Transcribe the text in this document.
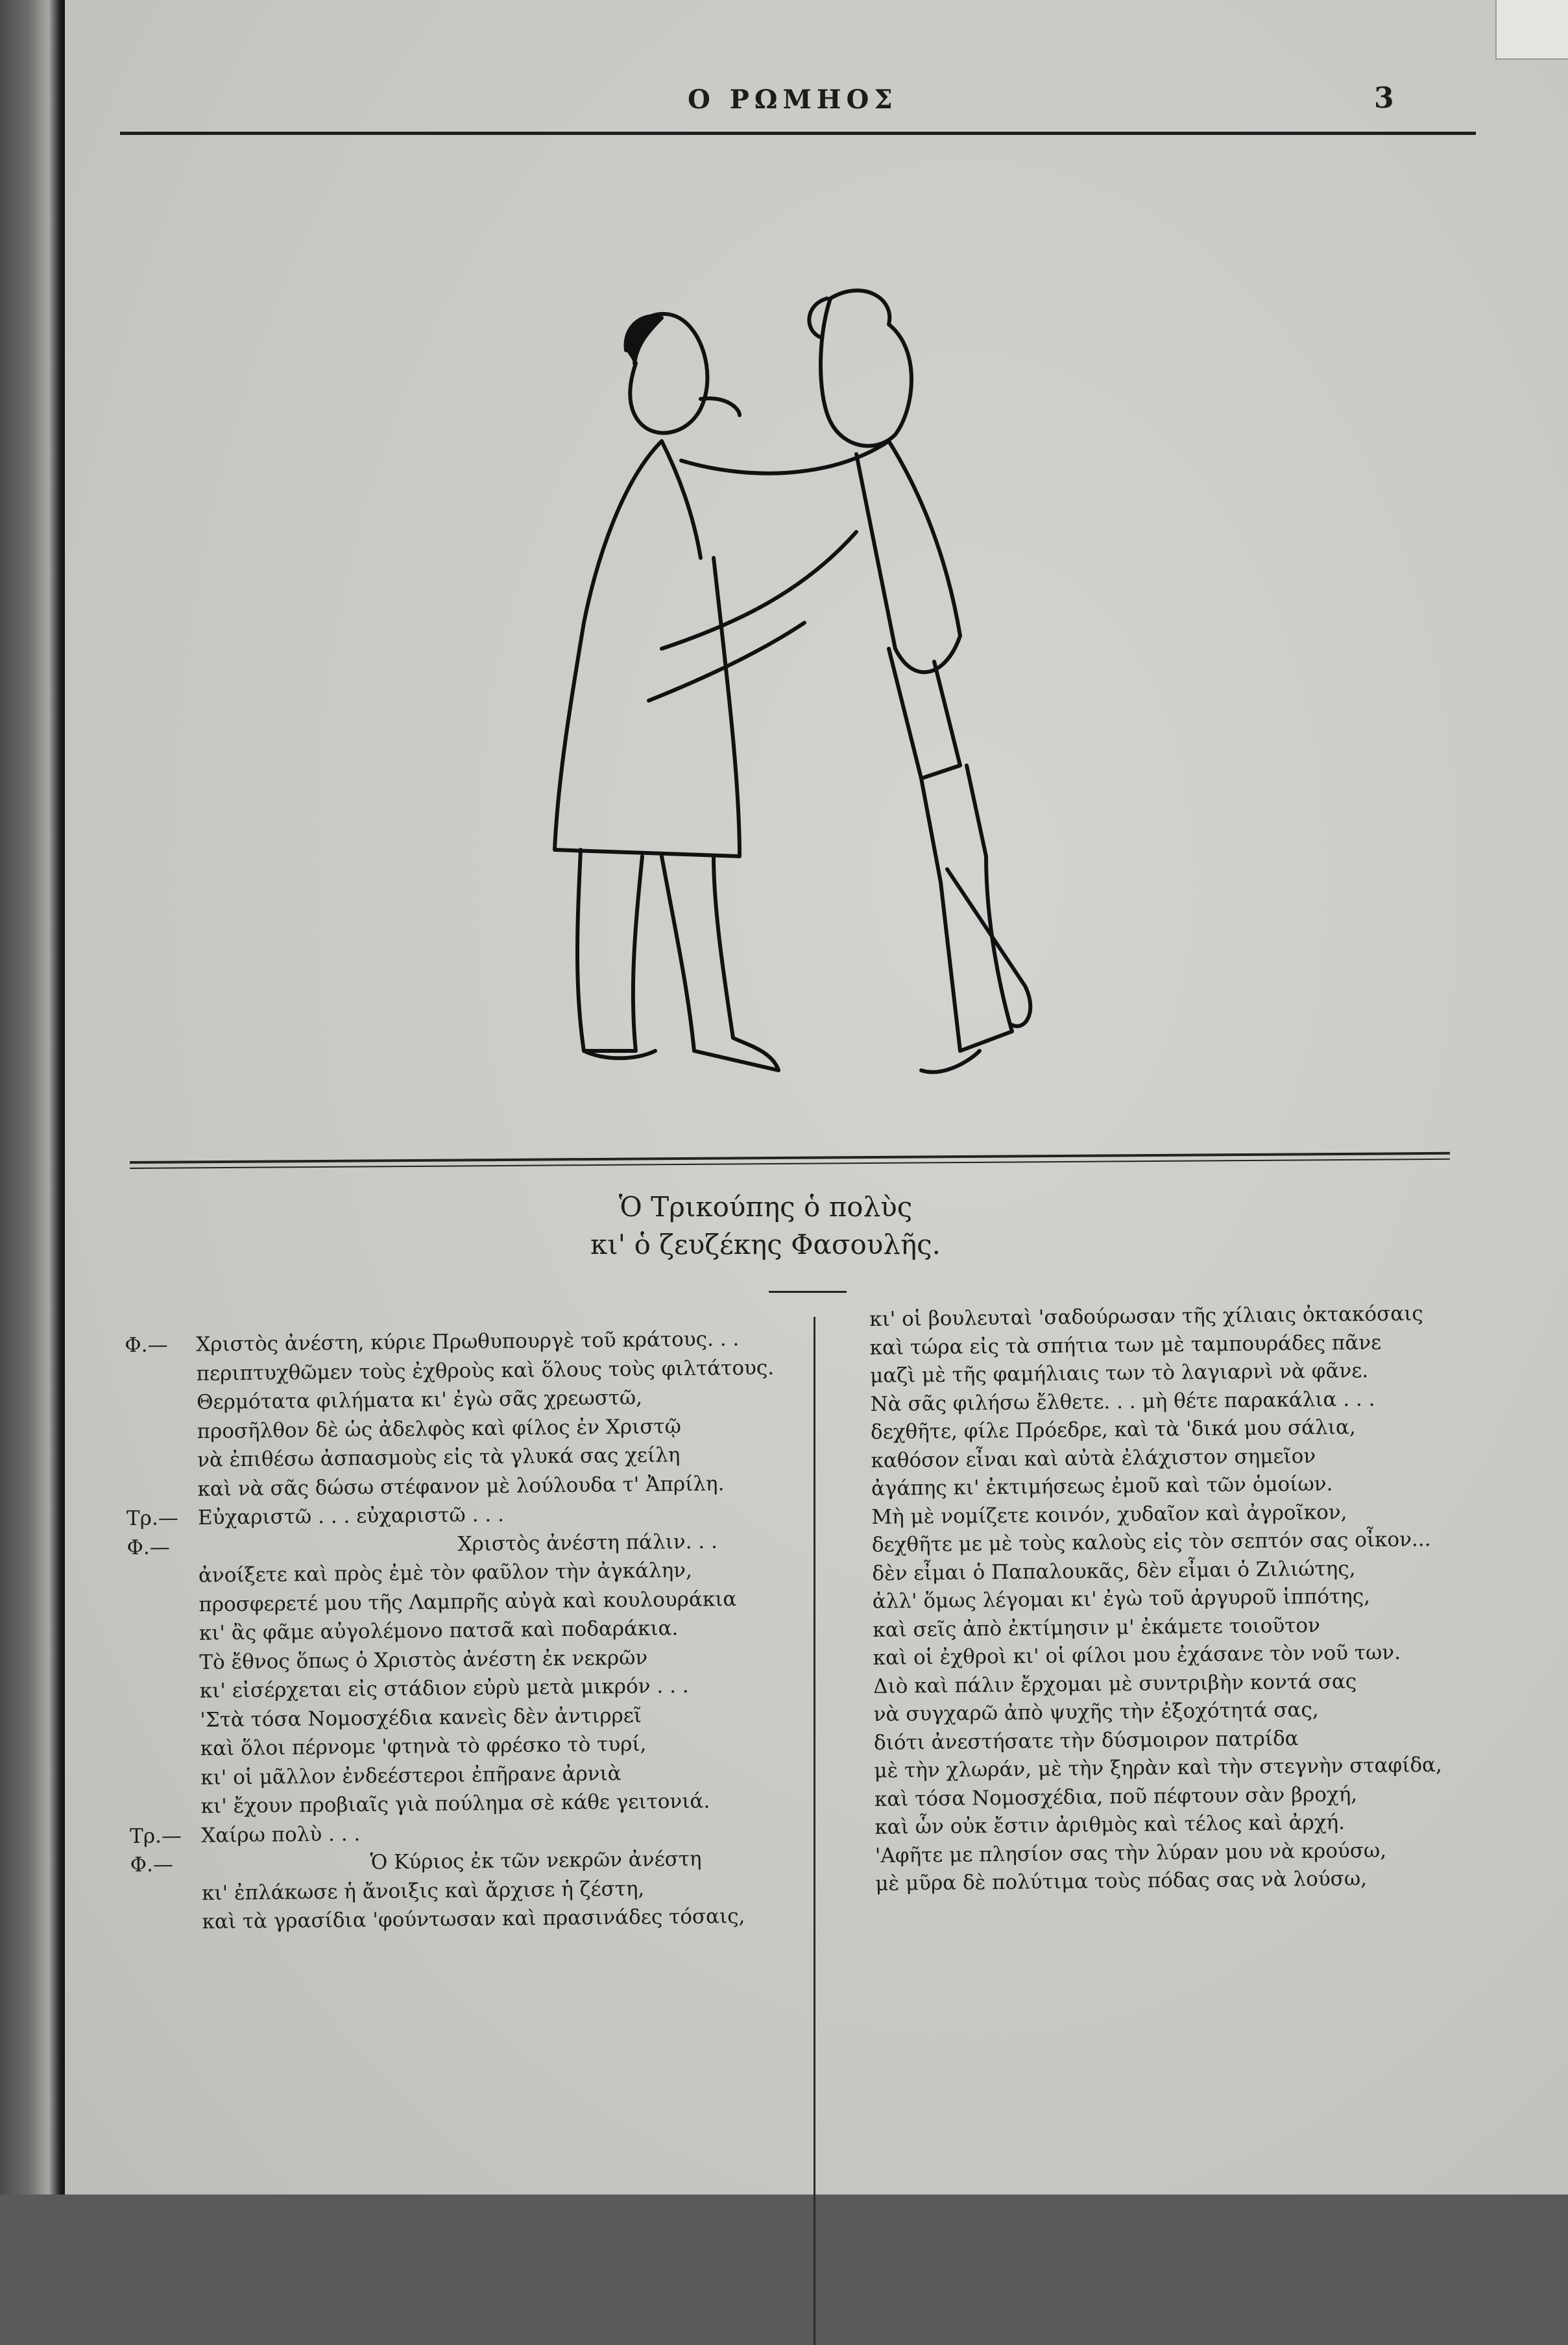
Ο ΡΩΜΗΟΣ	3
Ὁ Τρικούπης ὁ πολὺς
κι' ὁ ζευζέκης Φασουλῆς.
Φ.— Χριστὸς ἀνέστη, κύριε Πρωθυπουργὲ τοῦ κράτους. . .
περιπτυχθῶμεν τοὺς ἐχθροὺς καὶ ὅλους τοὺς φιλτάτους.
Θερμότατα φιλήματα κι' ἐγὼ σᾶς χρεωστῶ,
προσῆλθον δὲ ὡς ἀδελφὸς καὶ φίλος ἐν Χριστῷ
νὰ ἐπιθέσω ἀσπασμοὺς εἰς τὰ γλυκά σας χείλη
καὶ νὰ σᾶς δώσω στέφανον μὲ λούλουδα τ' Ἀπρίλη.
Τρ.— Εὐχαριστῶ . . . εὐχαριστῶ . . .
Φ.—	Χριστὸς ἀνέστη πάλιν. . .
ἀνοίξετε καὶ πρὸς ἐμὲ τὸν φαῦλον τὴν ἀγκάλην,
προσφερετέ μου τῆς Λαμπρῆς αὐγὰ καὶ κουλουράκια
κι' ἂς φᾶμε αὐγολέμονο πατσᾶ καὶ ποδαράκια.
Τὸ ἔθνος ὅπως ὁ Χριστὸς ἀνέστη ἐκ νεκρῶν
κι' εἰσέρχεται εἰς στάδιον εὐρὺ μετὰ μικρόν . . .
'Στὰ τόσα Νομοσχέδια κανεὶς δὲν ἀντιρρεῖ
καὶ ὅλοι πέρνομε 'φτηνὰ τὸ φρέσκο τὸ τυρί,
κι' οἱ μᾶλλον ἐνδεέστεροι ἐπῆρανε ἀρνιὰ
κι' ἔχουν προβιαῖς γιὰ πούλημα σὲ κάθε γειτονιά.
Τρ.— Χαίρω πολὺ . . .
Φ.—	Ὁ Κύριος ἐκ τῶν νεκρῶν ἀνέστη
κι' ἐπλάκωσε ἡ ἄνοιξις καὶ ἄρχισε ἡ ζέστη,
καὶ τὰ γρασίδια 'φούντωσαν καὶ πρασινάδες τόσαις,
κι' οἱ βουλευταὶ 'σαδούρωσαν τῆς χίλιαις ὀκτακόσαις
καὶ τώρα εἰς τὰ σπήτια των μὲ ταμπουράδες πᾶνε
μαζὶ μὲ τῆς φαμήλιαις των τὸ λαγιαρνὶ νὰ φᾶνε.
Νὰ σᾶς φιλήσω ἔλθετε. . . μὴ θέτε παρακάλια . . .
δεχθῆτε, φίλε Πρόεδρε, καὶ τὰ 'δικά μου σάλια,
καθόσον εἶναι καὶ αὐτὰ ἐλάχιστον σημεῖον
ἀγάπης κι' ἐκτιμήσεως ἐμοῦ καὶ τῶν ὁμοίων.
Μὴ μὲ νομίζετε κοινόν, χυδαῖον καὶ ἀγροῖκον,
δεχθῆτε με μὲ τοὺς καλοὺς εἰς τὸν σεπτόν σας οἶκον...
δὲν εἶμαι ὁ Παπαλουκᾶς, δὲν εἶμαι ὁ Ζιλιώτης,
ἀλλ' ὅμως λέγομαι κι' ἐγὼ τοῦ ἀργυροῦ ἱππότης,
καὶ σεῖς ἀπὸ ἐκτίμησιν μ' ἐκάμετε τοιοῦτον
καὶ οἱ ἐχθροὶ κι' οἱ φίλοι μου ἐχάσανε τὸν νοῦ των.
Διὸ καὶ πάλιν ἔρχομαι μὲ συντριβὴν κοντά σας
νὰ συγχαρῶ ἀπὸ ψυχῆς τὴν ἐξοχότητά σας,
διότι ἀνεστήσατε τὴν δύσμοιρον πατρίδα
μὲ τὴν χλωράν, μὲ τὴν ξηρὰν καὶ τὴν στεγνὴν σταφίδα,
καὶ τόσα Νομοσχέδια, ποῦ πέφτουν σὰν βροχή,
καὶ ὧν οὐκ ἔστιν ἀριθμὸς καὶ τέλος καὶ ἀρχή.
'Αφῆτε με πλησίον σας τὴν λύραν μου νὰ κρούσω,
μὲ μῦρα δὲ πολύτιμα τοὺς πόδας σας νὰ λούσω,
